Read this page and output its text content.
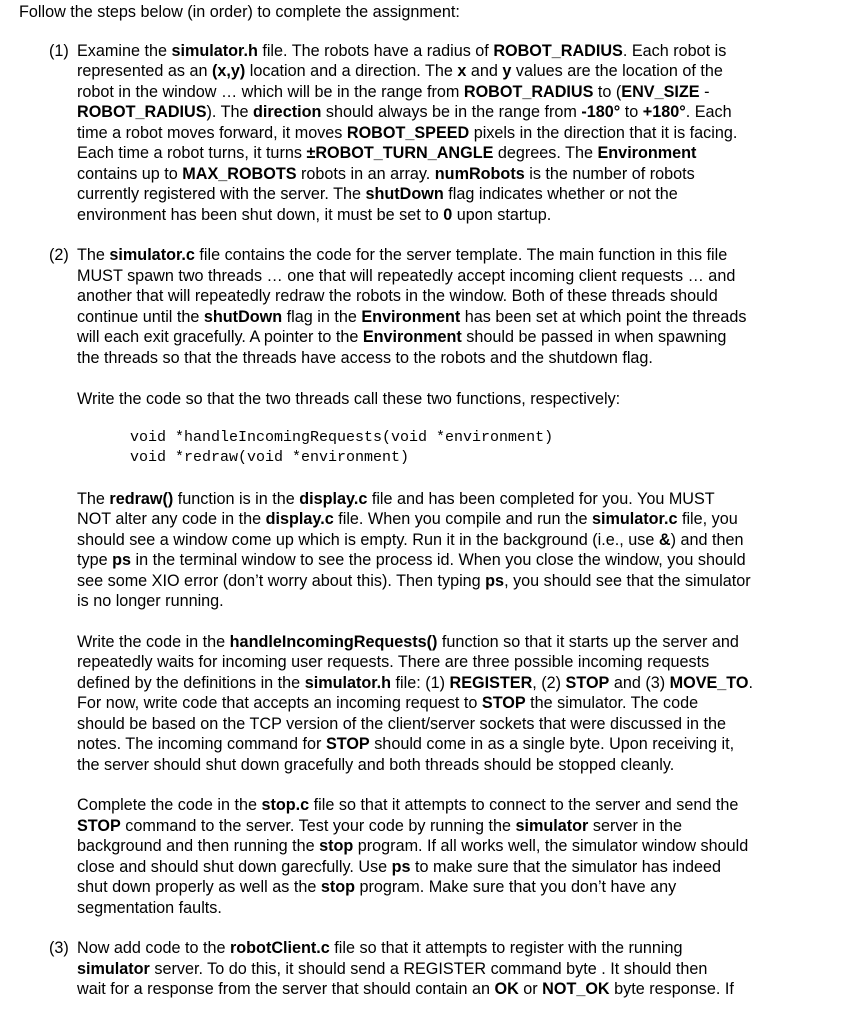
Follow the steps below (in order) to complete the assignment:
(1) Examine the simulator.h file. The robots have a radius of ROBOT_RADIUS. Each robot is
represented as an (x,y) location and a direction. The x and y values are the location of the
robot in the window … which will be in the range from ROBOT_RADIUS to (ENV_SIZE -
ROBOT_RADIUS). The direction should always be in the range from -180° to +180°. Each
time a robot moves forward, it moves ROBOT_SPEED pixels in the direction that it is facing.
Each time a robot turns, it turns ±ROBOT_TURN_ANGLE degrees. The Environment
contains up to MAX_ROBOTS robots in an array. numRobots is the number of robots
currently registered with the server. The shutDown flag indicates whether or not the
environment has been shut down, it must be set to 0 upon startup.
(2) The simulator.c file contains the code for the server template. The main function in this file
MUST spawn two threads … one that will repeatedly accept incoming client requests … and
another that will repeatedly redraw the robots in the window. Both of these threads should
continue until the shutDown flag in the Environment has been set at which point the threads
will each exit gracefully. A pointer to the Environment should be passed in when spawning
the threads so that the threads have access to the robots and the shutdown flag.
Write the code so that the two threads call these two functions, respectively:
void *handleIncomingRequests(void *environment)
void *redraw(void *environment)
The redraw() function is in the display.c file and has been completed for you. You MUST
NOT alter any code in the display.c file. When you compile and run the simulator.c file, you
should see a window come up which is empty. Run it in the background (i.e., use &) and then
type ps in the terminal window to see the process id. When you close the window, you should
see some XIO error (don’t worry about this). Then typing ps, you should see that the simulator
is no longer running.
Write the code in the handleIncomingRequests() function so that it starts up the server and
repeatedly waits for incoming user requests. There are three possible incoming requests
defined by the definitions in the simulator.h file: (1) REGISTER, (2) STOP and (3) MOVE_TO.
For now, write code that accepts an incoming request to STOP the simulator. The code
should be based on the TCP version of the client/server sockets that were discussed in the
notes. The incoming command for STOP should come in as a single byte. Upon receiving it,
the server should shut down gracefully and both threads should be stopped cleanly.
Complete the code in the stop.c file so that it attempts to connect to the server and send the
STOP command to the server. Test your code by running the simulator server in the
background and then running the stop program. If all works well, the simulator window should
close and should shut down garecfully. Use ps to make sure that the simulator has indeed
shut down properly as well as the stop program. Make sure that you don’t have any
segmentation faults.
(3) Now add code to the robotClient.c file so that it attempts to register with the running
simulator server. To do this, it should send a REGISTER command byte . It should then
wait for a response from the server that should contain an OK or NOT_OK byte response. If
